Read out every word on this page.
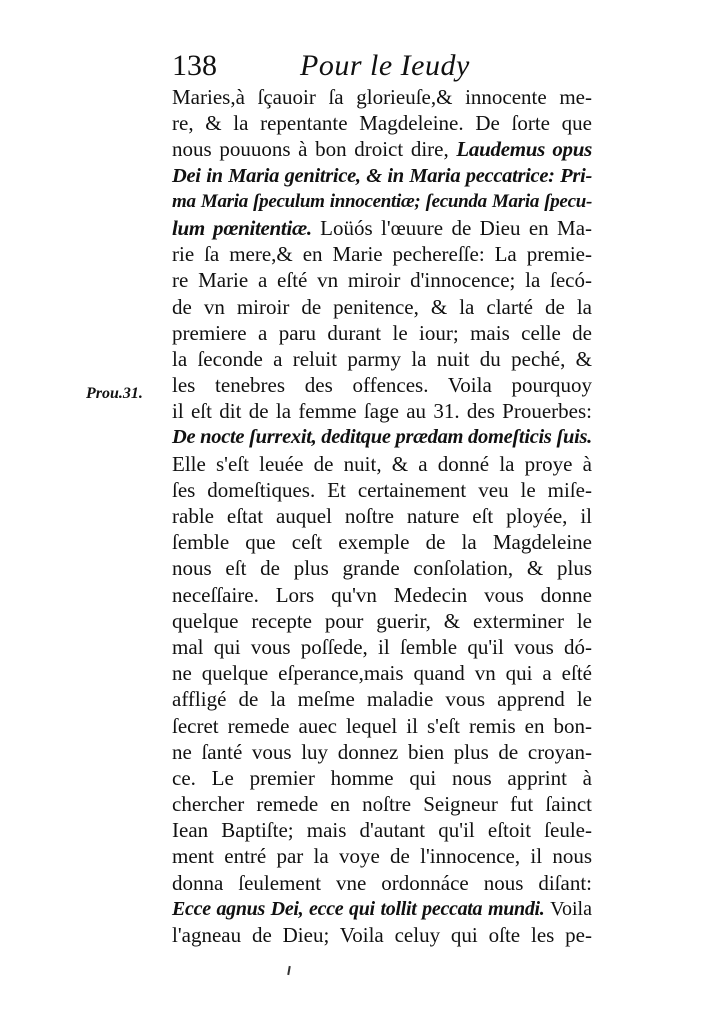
138	Pour le Ieudy
Prou.31.
Maries,à ſçauoir ſa glorieuſe,& innocente me-
re, & la repentante Magdeleine. De ſorte que
nous pouuons à bon droict dire, Laudemus opus
Dei in Maria genitrice, & in Maria peccatrice: Pri-
ma Maria ſpeculum innocentiæ; ſecunda Maria ſpecu-
lum pœnitentiæ. Loüós l'œuure de Dieu en Ma-
rie ſa mere,& en Marie pechereſſe: La premie-
re Marie a eſté vn miroir d'innocence; la ſecó-
de vn miroir de penitence, & la clarté de la
premiere a paru durant le iour; mais celle de
la ſeconde a reluit parmy la nuit du peché, &
les tenebres des offences. Voila pourquoy
il eſt dit de la femme ſage au 31. des Prouerbes:
De nocte ſurrexit, deditque prædam domeſticis ſuis.
Elle s'eſt leuée de nuit, & a donné la proye à
ſes domeſtiques. Et certainement veu le miſe-
rable eſtat auquel noſtre nature eſt ployée, il
ſemble que ceſt exemple de la Magdeleine
nous eſt de plus grande conſolation, & plus
neceſſaire. Lors qu'vn Medecin vous donne
quelque recepte pour guerir, & exterminer le
mal qui vous poſſede, il ſemble qu'il vous dó-
ne quelque eſperance,mais quand vn qui a eſté
affligé de la meſme maladie vous apprend le
ſecret remede auec lequel il s'eſt remis en bon-
ne ſanté vous luy donnez bien plus de croyan-
ce. Le premier homme qui nous apprint à
chercher remede en noſtre Seigneur fut ſainct
Iean Baptiſte; mais d'autant qu'il eſtoit ſeule-
ment entré par la voye de l'innocence, il nous
donna ſeulement vne ordonnáce nous diſant:
Ecce agnus Dei, ecce qui tollit peccata mundi. Voila
l'agneau de Dieu; Voila celuy qui oſte les pe-
